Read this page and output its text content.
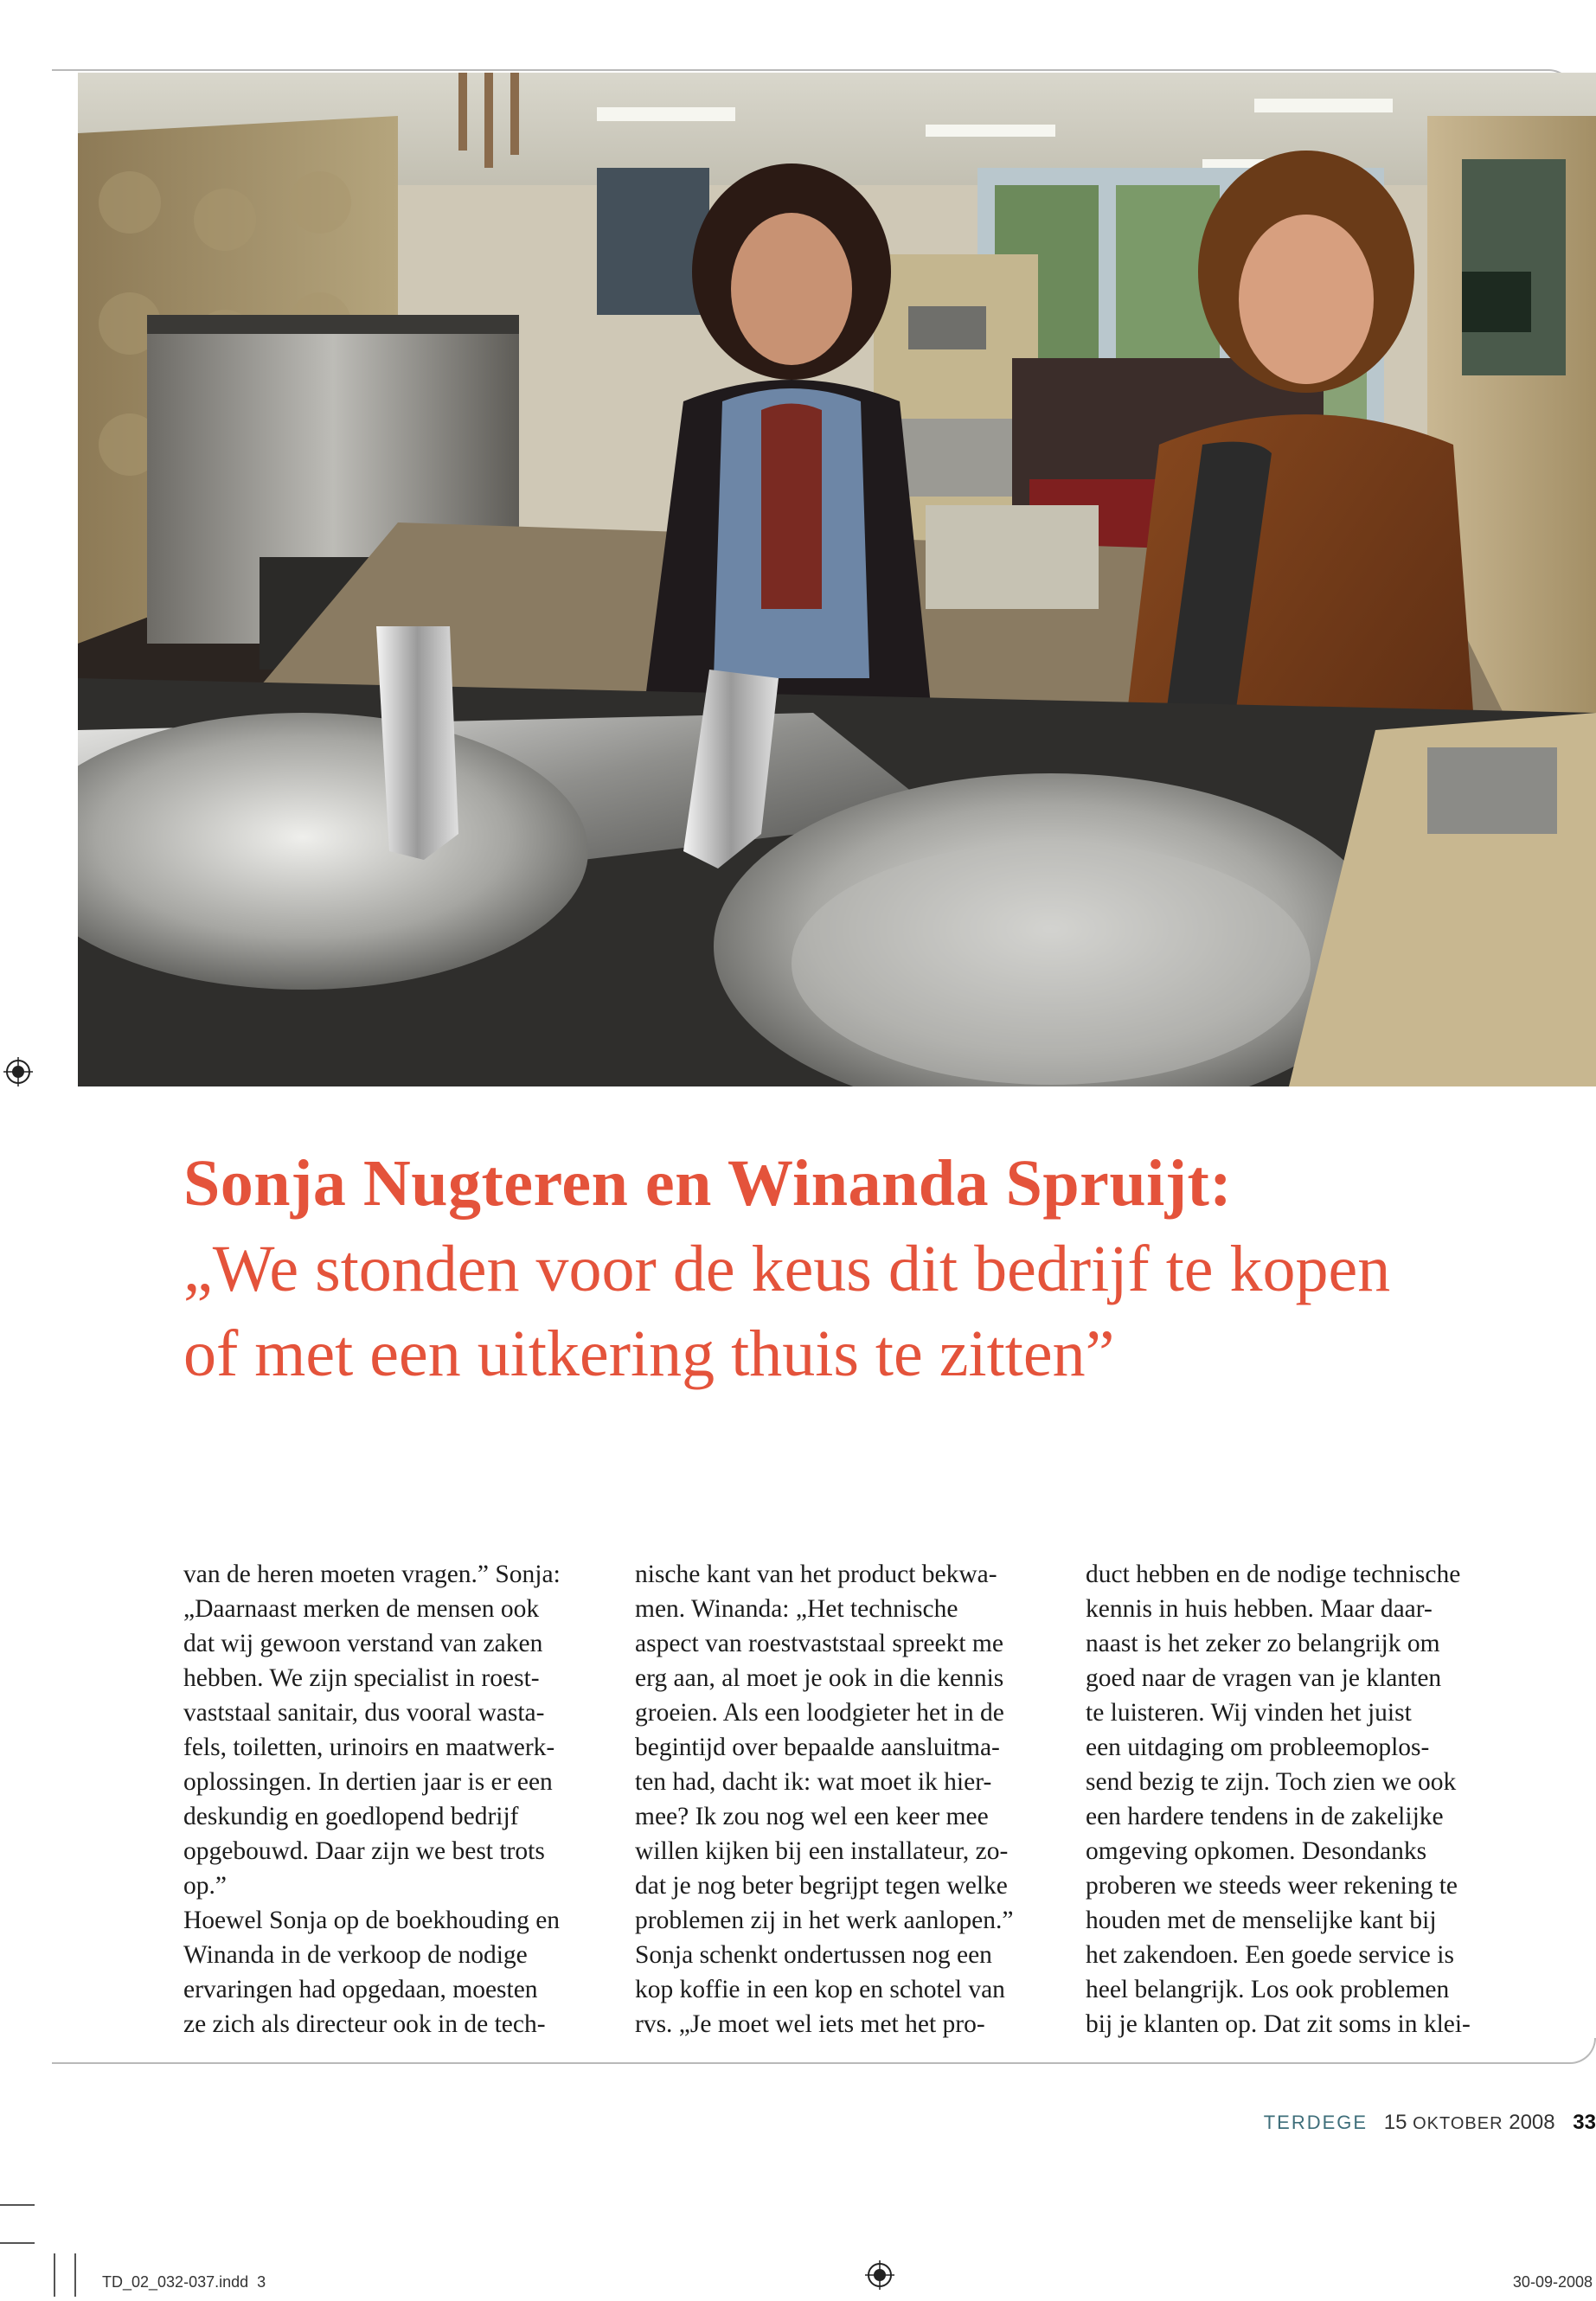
Sonja Nugteren en Winanda Spruijt:
„We stonden voor de keus dit bedrijf te kopen
of met een uitkering thuis te zitten”
van de heren moeten vragen.” Sonja:
„Daarnaast merken de mensen ook
dat wij gewoon verstand van zaken
hebben. We zijn specialist in roest-
vaststaal sanitair, dus vooral wasta-
fels, toiletten, urinoirs en maatwerk-
oplossingen. In dertien jaar is er een
deskundig en goedlopend bedrijf
opgebouwd. Daar zijn we best trots
op.”
Hoewel Sonja op de boekhouding en
Winanda in de verkoop de nodige
ervaringen had opgedaan, moesten
ze zich als directeur ook in de tech-
nische kant van het product bekwa-
men. Winanda: „Het technische
aspect van roestvaststaal spreekt me
erg aan, al moet je ook in die kennis
groeien. Als een loodgieter het in de
begintijd over bepaalde aansluitma-
ten had, dacht ik: wat moet ik hier-
mee? Ik zou nog wel een keer mee
willen kijken bij een installateur, zo-
dat je nog beter begrijpt tegen welke
problemen zij in het werk aanlopen.”
Sonja schenkt ondertussen nog een
kop koffie in een kop en schotel van
rvs. „Je moet wel iets met het pro-
duct hebben en de nodige technische
kennis in huis hebben. Maar daar-
naast is het zeker zo belangrijk om
goed naar de vragen van je klanten
te luisteren. Wij vinden het juist
een uitdaging om probleemoplos-
send bezig te zijn. Toch zien we ook
een hardere tendens in de zakelijke
omgeving opkomen. Desondanks
proberen we steeds weer rekening te
houden met de menselijke kant bij
het zakendoen. Een goede service is
heel belangrijk. Los ook problemen
bij je klanten op. Dat zit soms in klei-
TERDEGE 15 OKTOBER 2008 33
TD_02_032-037.indd 3	30-09-2008
